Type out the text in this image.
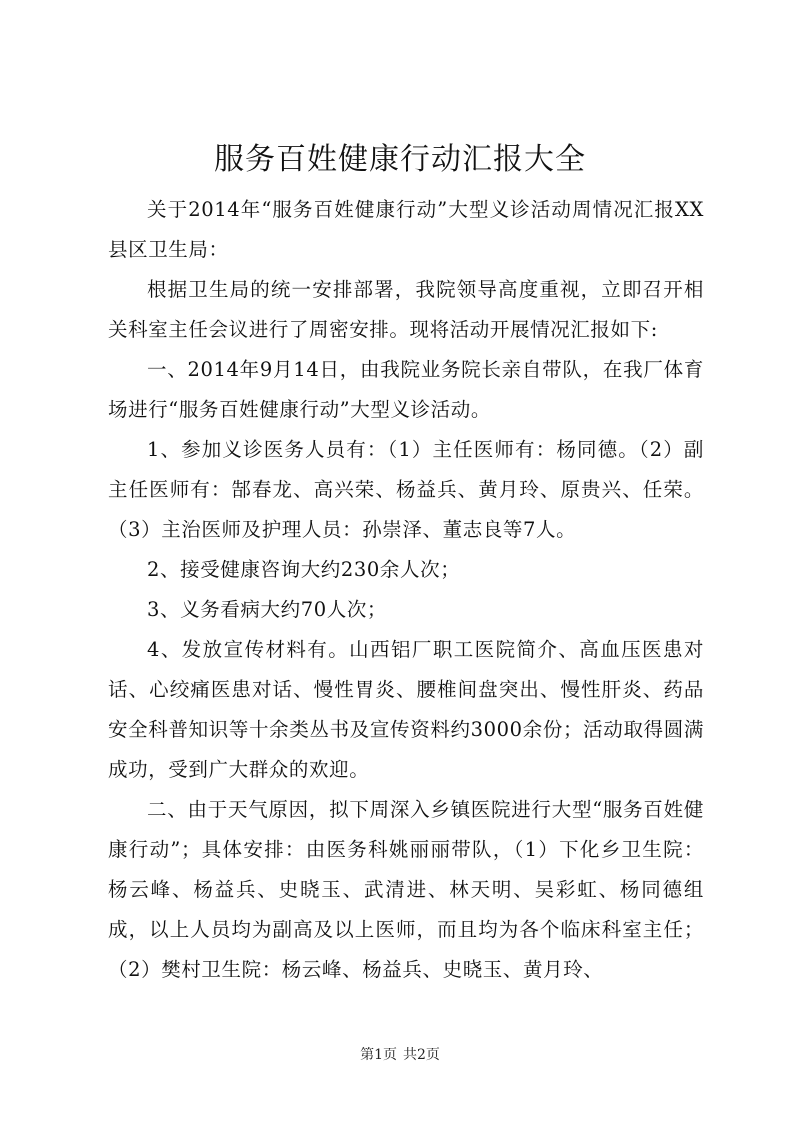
服务百姓健康行动汇报大全

关于2014年“服务百姓健康行动”大型义诊活动周情况汇报XX县区卫生局：

根据卫生局的统一安排部署，我院领导高度重视，立即召开相关科室主任会议进行了周密安排。现将活动开展情况汇报如下:

一、2014年9月14日，由我院业务院长亲自带队，在我厂体育场进行“服务百姓健康行动”大型义诊活动。

1、参加义诊医务人员有：（1）主任医师有：杨同德。（2）副主任医师有：郜春龙、高兴荣、杨益兵、黄月玲、原贵兴、任荣。（3）主治医师及护理人员：孙崇泽、董志良等7人。

2、接受健康咨询大约230余人次；

3、义务看病大约70人次；

4、发放宣传材料有。山西铝厂职工医院简介、高血压医患对话、心绞痛医患对话、慢性胃炎、腰椎间盘突出、慢性肝炎、药品安全科普知识等十余类丛书及宣传资料约3000余份；活动取得圆满成功，受到广大群众的欢迎。

二、由于天气原因，拟下周深入乡镇医院进行大型“服务百姓健康行动”；具体安排：由医务科姚丽丽带队，（1）下化乡卫生院：杨云峰、杨益兵、史晓玉、武清进、林天明、吴彩虹、杨同德组成，以上人员均为副高及以上医师，而且均为各个临床科室主任；（2）樊村卫生院：杨云峰、杨益兵、史晓玉、黄月玲、

第1页 共2页
